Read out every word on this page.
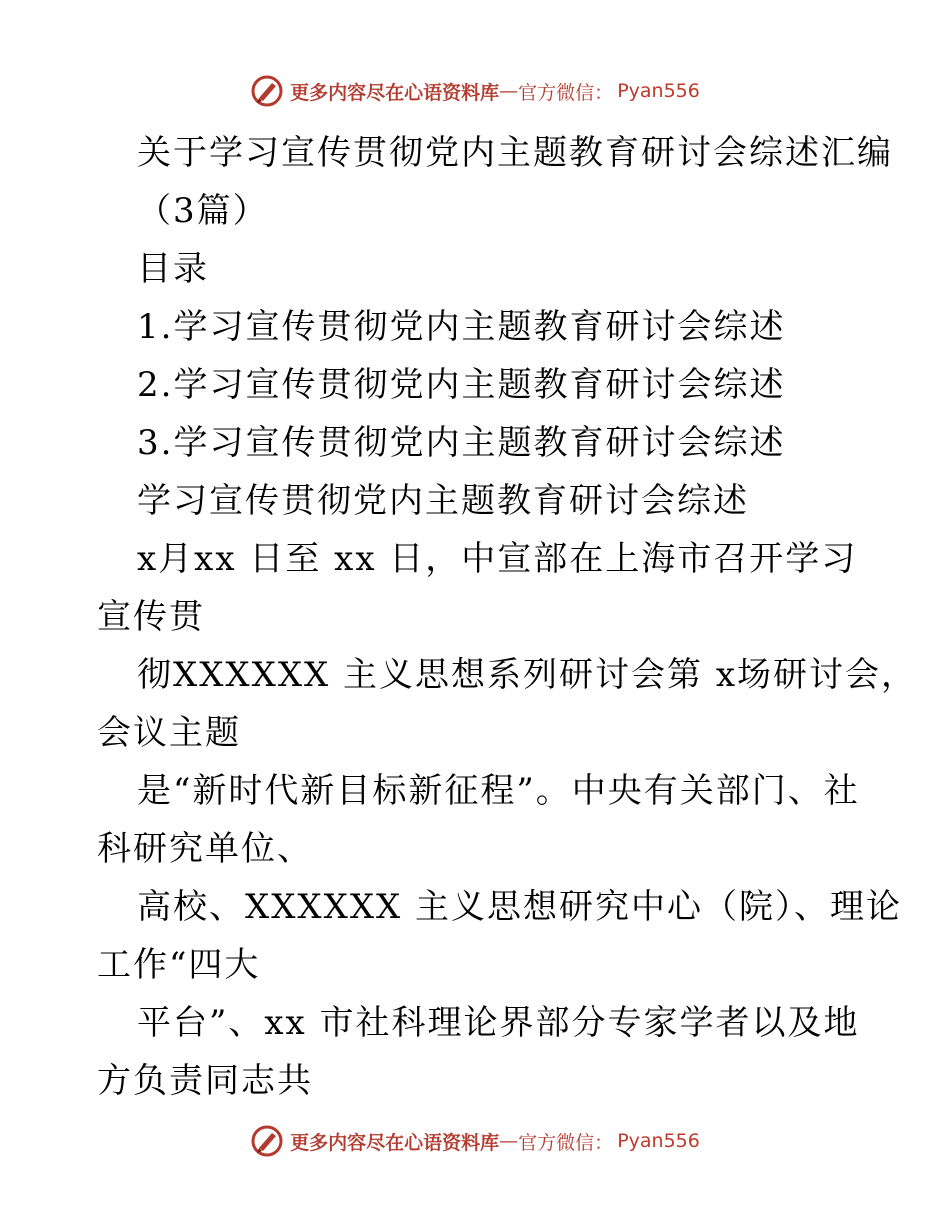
更多内容尽在心语资料库 — 官方微信： Pyan556
关于学习宣传贯彻党内主题教育研讨会综述汇编
（3篇）
目录
1.学习宣传贯彻党内主题教育研讨会综述
2.学习宣传贯彻党内主题教育研讨会综述
3.学习宣传贯彻党内主题教育研讨会综述
学习宣传贯彻党内主题教育研讨会综述
x月xx 日至 xx 日，中宣部在上海市召开学习
宣传贯
彻XXXXXX 主义思想系列研讨会第 x场研讨会，
会议主题
是“新时代新目标新征程”。中央有关部门、社
科研究单位、
高校、XXXXXX 主义思想研究中心（院）、理论
工作“四大
平台”、xx 市社科理论界部分专家学者以及地
方负责同志共
更多内容尽在心语资料库 — 官方微信： Pyan556
